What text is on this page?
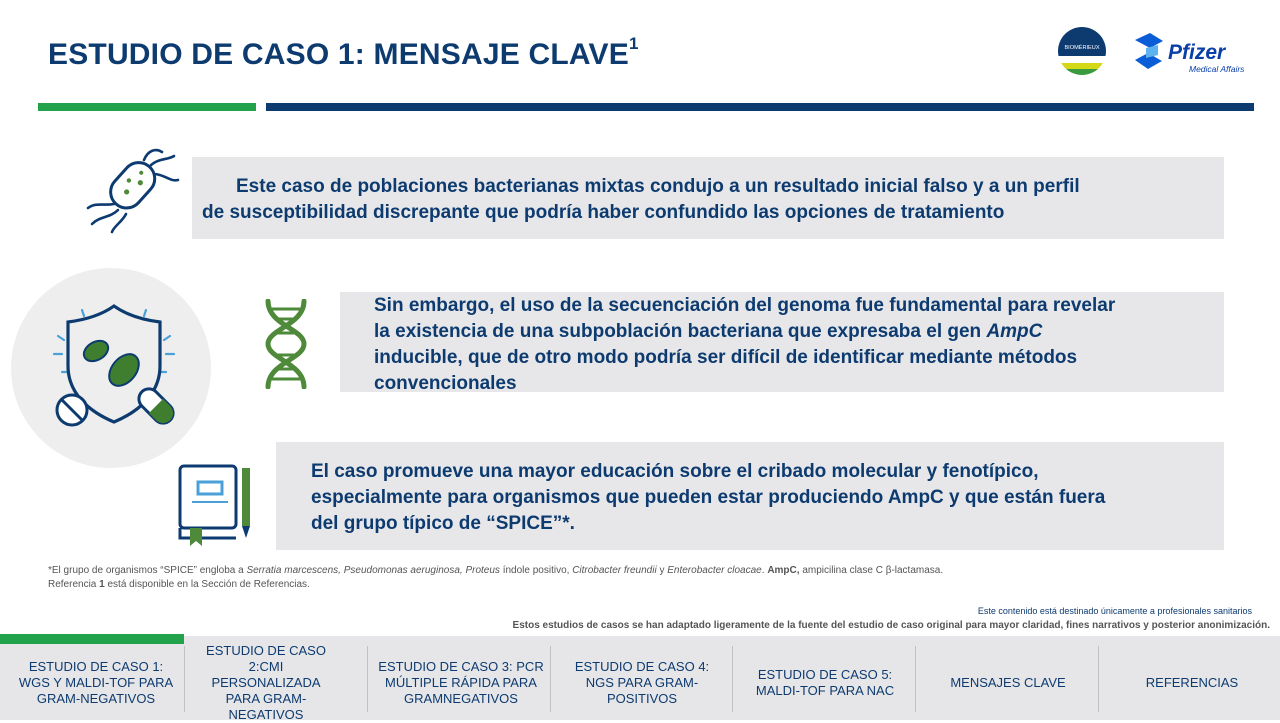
ESTUDIO DE CASO 1: MENSAJE CLAVE$^1$	BIOMÉRIEUX	Pfizer
Medical Affairs
Este caso de poblaciones bacterianas mixtas condujo a un resultado inicial falso y a un perfil
de susceptibilidad discrepante que podría haber confundido las opciones de tratamiento
Sin embargo, el uso de la secuenciación del genoma fue fundamental para revelar
la existencia de una subpoblación bacteriana que expresaba el gen AmpC
inducible, que de otro modo podría ser difícil de identificar mediante métodos
convencionales
El caso promueve una mayor educación sobre el cribado molecular y fenotípico,
especialmente para organismos que pueden estar produciendo AmpC y que están fuera
del grupo típico de “SPICE”*.
*El grupo de organismos “SPICE” engloba a Serratia marcescens, Pseudomonas aeruginosa, Proteus índole positivo, Citrobacter freundii y Enterobacter cloacae. AmpC, ampicilina clase C β-lactamasa.
Referencia 1 está disponible en la Sección de Referencias.
Este contenido está destinado únicamente a profesionales sanitarios
Estos estudios de casos se han adaptado ligeramente de la fuente del estudio de caso original para mayor claridad, fines narrativos y posterior anonimización.
ESTUDIO DE CASO 1: WGS Y MALDI-TOF PARA GRAM-NEGATIVOS
ESTUDIO DE CASO 2:CMI PERSONALIZADA PARA GRAM-NEGATIVOS
ESTUDIO DE CASO 3: PCR MÚLTIPLE RÁPIDA PARA GRAMNEGATIVOS
ESTUDIO DE CASO 4: NGS PARA GRAM-POSITIVOS
ESTUDIO DE CASO 5: MALDI-TOF PARA NAC
MENSAJES CLAVE	REFERENCIAS
